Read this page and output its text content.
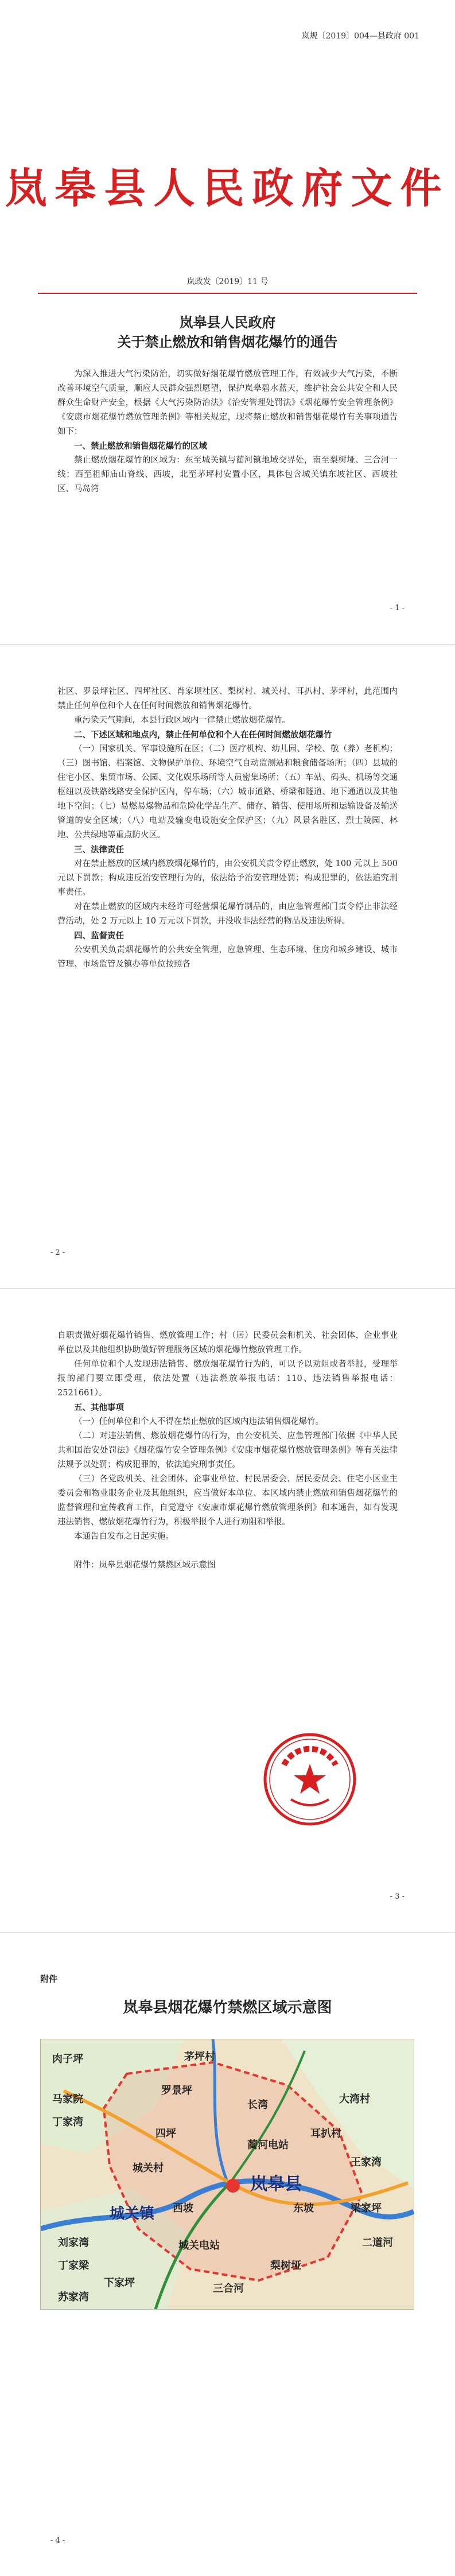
岚规〔2019〕004—县政府 001
岚皋县人民政府文件
岚政发〔2019〕11 号
岚皋县人民政府
关于禁止燃放和销售烟花爆竹的通告

为深入推进大气污染防治，切实做好烟花爆竹燃放管理工作，有效减少大气污染，不断改善环境空气质量，顺应人民群众强烈愿望，保护岚皋碧水蓝天，维护社会公共安全和人民群众生命财产安全，根据《大气污染防治法》《治安管理处罚法》《烟花爆竹安全管理条例》《安康市烟花爆竹燃放管理条例》等相关规定，现将禁止燃放和销售烟花爆竹有关事项通告如下：

一、禁止燃放和销售烟花爆竹的区域

禁止燃放烟花爆竹的区域为：东至城关镇与蔺河镇地域交界处，南至梨树垭、三合河一线；西至祖师庙山脊线、西坡，北至茅坪村安置小区，具体包含城关镇东坡社区、西坡社区、马岛湾

- 1 -

社区、罗景坪社区、四坪社区、肖家坝社区、梨树村、城关村、耳扒村、茅坪村，此范围内禁止任何单位和个人在任何时间燃放和销售烟花爆竹。

重污染天气期间，本县行政区域内一律禁止燃放烟花爆竹。

二、下述区域和地点内，禁止任何单位和个人在任何时间燃放烟花爆竹

（一）国家机关、军事设施所在区；（二）医疗机构、幼儿园、学校、敬（养）老机构；（三）图书馆、档案馆、文物保护单位、环境空气自动监测站和粮食储备场所；（四）县城的住宅小区、集贸市场、公园、文化娱乐场所等人员密集场所；（五）车站、码头、机场等交通枢纽以及铁路线路安全保护区内，停车场；（六）城市道路、桥梁和隧道、地下通道以及其他地下空间；（七）易燃易爆物品和危险化学品生产、储存、销售、使用场所和运输设备及输送管道的安全区域；（八）电站及输变电设施安全保护区；（九）风景名胜区、烈士陵园、林地、公共绿地等重点防火区。

三、法律责任

对在禁止燃放的区域内燃放烟花爆竹的，由公安机关责令停止燃放，处 100 元以上 500 元以下罚款；构成违反治安管理行为的，依法给予治安管理处罚；构成犯罪的，依法追究刑事责任。

对在禁止燃放的区域内未经许可经营烟花爆竹制品的，由应急管理部门责令停止非法经营活动，处 2 万元以上 10 万元以下罚款，并没收非法经营的物品及违法所得。

四、监督责任

公安机关负责烟花爆竹的公共安全管理，应急管理、生态环境、住房和城乡建设、城市管理、市场监管及镇办等单位按照各

- 2 -

自职责做好烟花爆竹销售、燃放管理工作；村（居）民委员会和机关、社会团体、企业事业单位以及其他组织协助做好管理服务区域的烟花爆竹燃放管理工作。

任何单位和个人发现违法销售、燃放烟花爆竹行为的，可以予以劝阻或者举报，受理举报的部门要立即受理，依法处置（违法燃放举报电话：110、违法销售举报电话：2521661）。

五、其他事项

（一）任何单位和个人不得在禁止燃放的区域内违法销售烟花爆竹。

（二）对违法销售、燃放烟花爆竹的行为，由公安机关、应急管理部门依据《中华人民共和国治安处罚法》《烟花爆竹安全管理条例》《安康市烟花爆竹燃放管理条例》等有关法律法规予以处罚；构成犯罪的，依法追究刑事责任。

（三）各党政机关、社会团体、企事业单位、村民居委会、居民委员会、住宅小区业主委员会和物业服务企业及其他组织，应当做好本单位、本区域内禁止燃放和销售烟花爆竹的监督管理和宣传教育工作，自觉遵守《安康市烟花爆竹燃放管理条例》和本通告，如有发现违法销售、燃放烟花爆竹行为，积极举报个人进行劝阻和举报。

本通告自发布之日起实施。

附件：岚皋县烟花爆竹禁燃区域示意图

- 3 -
附件
岚皋县烟花爆竹禁燃区域示意图
岚皋县
城关镇
茅坪村
肉子坪
马家院
丁家湾
长湾	大湾村
罗景坪
梨树垭
四坪
东坡
西坡
城关村
蔺河电站
三合河
王家湾
梁家坪
耳扒村
二道河
刘家湾	城关电站
下家坪
丁家梁
苏家湾
- 4 -
